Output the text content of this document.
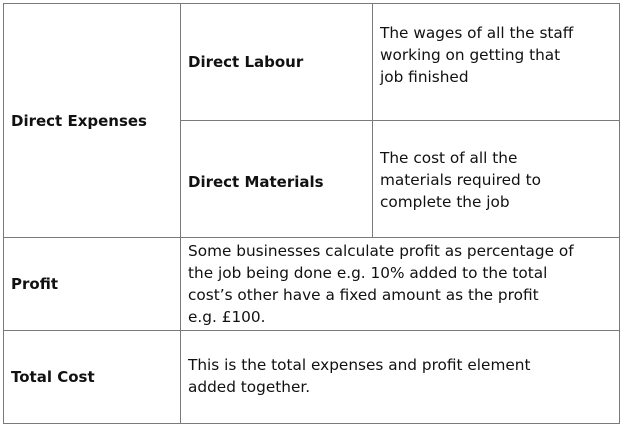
Direct Expenses
Direct Labour
The wages of all the staff
working on getting that
job finished
Direct Materials
The cost of all the
materials required to
complete the job
Profit
Some businesses calculate profit as percentage of
the job being done e.g. 10% added to the total
cost’s other have a fixed amount as the profit
e.g. £100.
Total Cost
This is the total expenses and profit element
added together.
